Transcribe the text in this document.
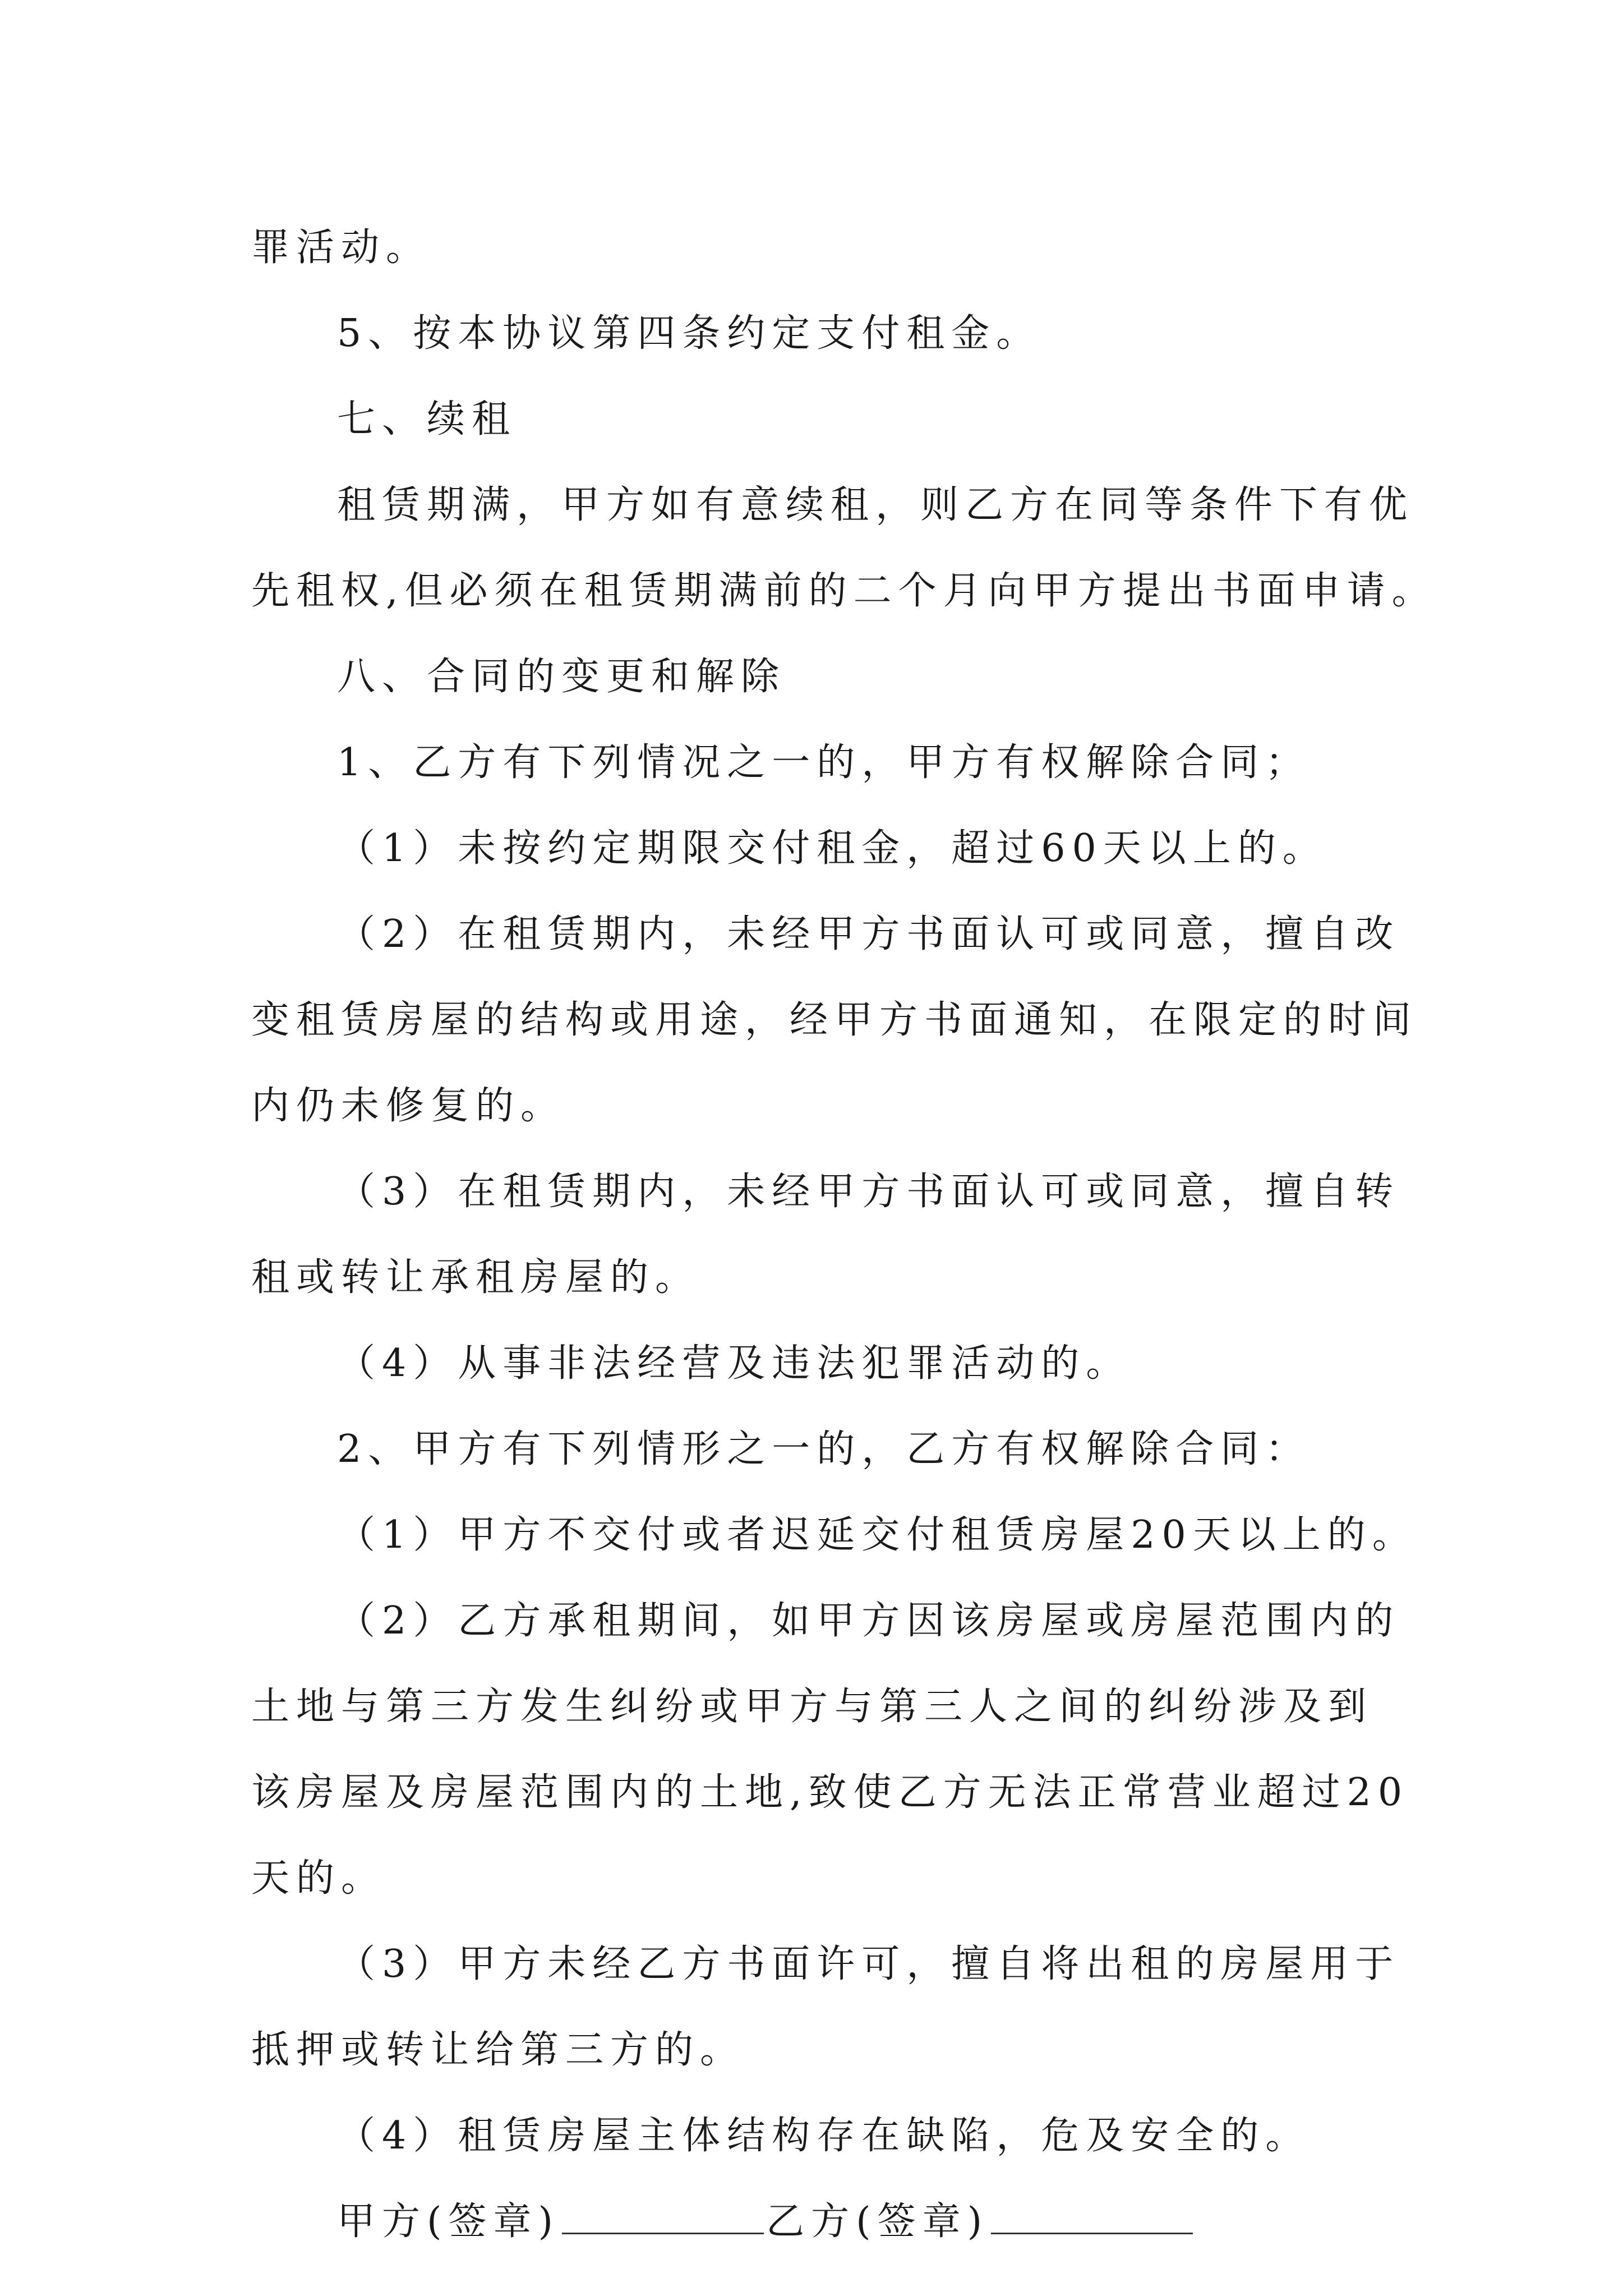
罪活动。
5、按本协议第四条约定支付租金。
七、续租
租赁期满，甲方如有意续租，则乙方在同等条件下有优
先租权,但必须在租赁期满前的二个月向甲方提出书面申请。
八、合同的变更和解除
1、乙方有下列情况之一的，甲方有权解除合同；
（1）未按约定期限交付租金，超过60天以上的。
（2）在租赁期内，未经甲方书面认可或同意，擅自改
变租赁房屋的结构或用途，经甲方书面通知，在限定的时间
内仍未修复的。
（3）在租赁期内，未经甲方书面认可或同意，擅自转
租或转让承租房屋的。
（4）从事非法经营及违法犯罪活动的。
2、甲方有下列情形之一的，乙方有权解除合同：
（1）甲方不交付或者迟延交付租赁房屋20天以上的。
（2）乙方承租期间，如甲方因该房屋或房屋范围内的
土地与第三方发生纠纷或甲方与第三人之间的纠纷涉及到
该房屋及房屋范围内的土地,致使乙方无法正常营业超过20
天的。
（3）甲方未经乙方书面许可，擅自将出租的房屋用于
抵押或转让给第三方的。
（4）租赁房屋主体结构存在缺陷，危及安全的。
甲方(签章)	乙方(签章)
